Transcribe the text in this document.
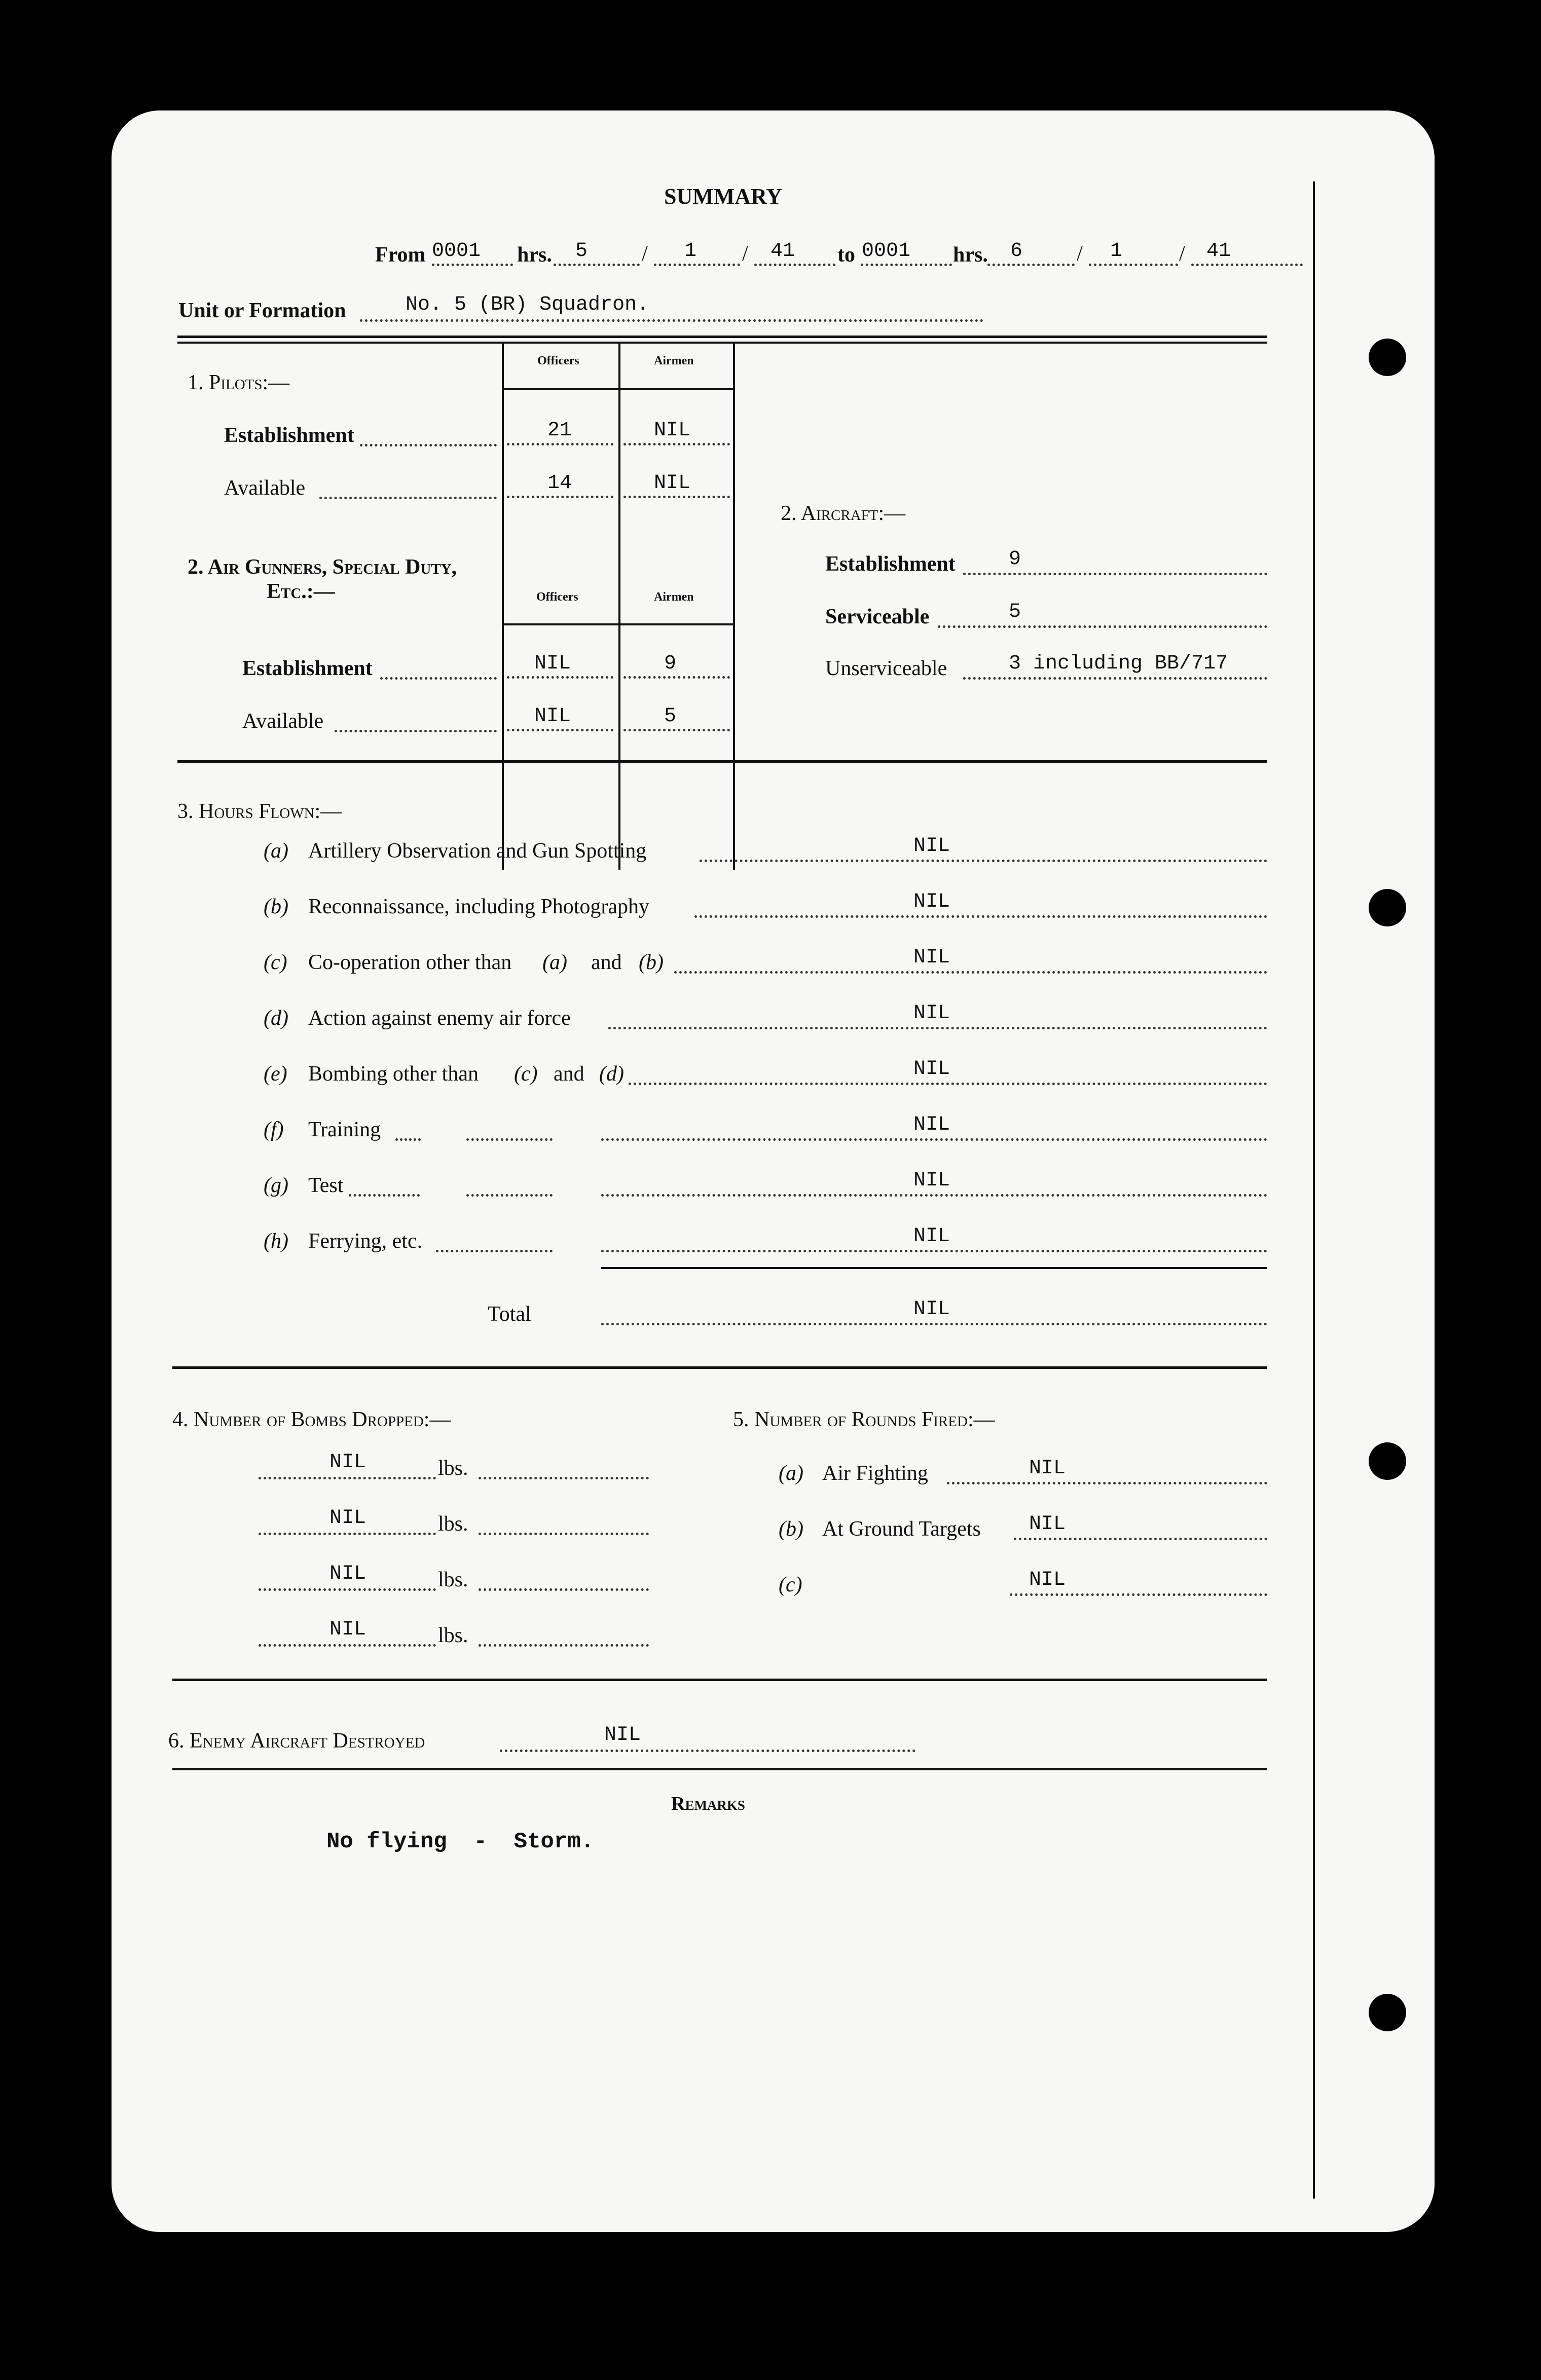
SUMMARY
From 0001 hrs. 5	/ 1 / 41 to 0001 hrs. 6	/ 1	/ 41
Unit or Formation	No. 5 (BR) Squadron.
1. Pilots:—
Officers	Airmen
Establishment	21	NIL
Available	14	NIL
2. Air Gunners, Special Duty,
Etc.:—	Officers	Airmen
Establishment	NIL	9
Available	NIL	5
2. Aircraft:—
Establishment	9
Serviceable	5
Unserviceable	3 including BB/717
3. Hours Flown:—
(a) Artillery Observation and Gun Spotting	NIL
(b) Reconnaissance, including Photography	NIL
(c) Co-operation other than (a) and (b)	NIL
(d) Action against enemy air force	NIL
(e) Bombing other than (c) and (d)	NIL
(f) Training	NIL
(g) Test	NIL
(h) Ferrying, etc.	NIL
Total	NIL
4. Number of Bombs Dropped:—
NIL	lbs.
NIL	lbs.
NIL	lbs.
NIL	lbs.
5. Number of Rounds Fired:—
(a) Air Fighting	NIL
(b) At Ground Targets NIL
(c)	NIL
6. Enemy Aircraft Destroyed	NIL
Remarks
No flying  -  Storm.
